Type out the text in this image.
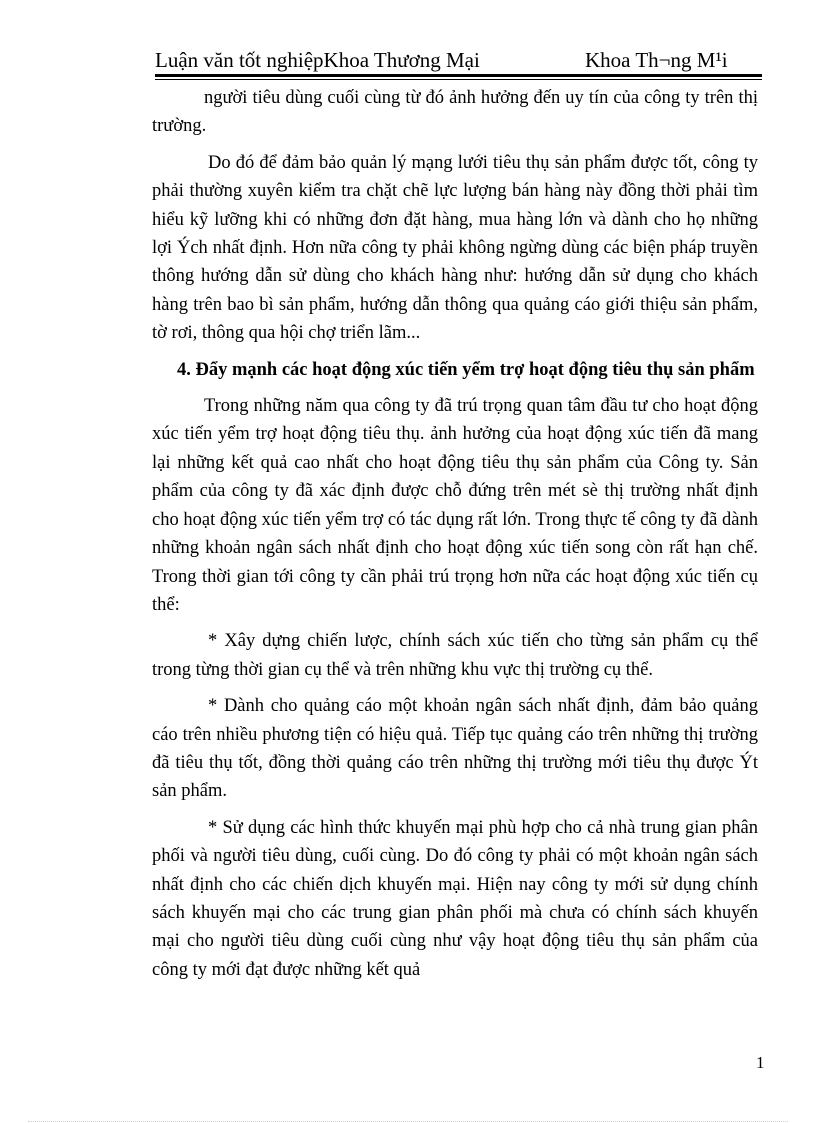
Luận văn tốt nghiệpKhoa Thương Mại	Khoa Th¬ng M¹i

người tiêu dùng cuối cùng từ đó ảnh hưởng đến uy tín của công ty trên thị trường.

Do đó để đảm bảo quản lý mạng lưới tiêu thụ sản phẩm được tốt, công ty phải thường xuyên kiểm tra chặt chẽ lực lượng bán hàng này đồng thời phải tìm hiểu kỹ lưỡng khi có những đơn đặt hàng, mua hàng lớn và dành cho họ những lợi Ých nhất định. Hơn nữa công ty phải không ngừng dùng các biện pháp truyền thông hướng dẫn sử dùng cho khách hàng như: hướng dẫn sử dụng cho khách hàng trên bao bì sản phẩm, hướng dẫn thông qua quảng cáo giới thiệu sản phẩm, tờ rơi, thông qua hội chợ triển lãm...

4. Đẩy mạnh các hoạt động xúc tiến yểm trợ hoạt động tiêu thụ sản phẩm

Trong những năm qua công ty đã trú trọng quan tâm đầu tư cho hoạt động xúc tiến yểm trợ hoạt động tiêu thụ. ảnh hưởng của hoạt động xúc tiến đã mang lại những kết quả cao nhất cho hoạt động tiêu thụ sản phẩm của Công ty. Sản phẩm của công ty đã xác định được chỗ đứng trên mét sè thị trường nhất định cho hoạt động xúc tiến yểm trợ có tác dụng rất lớn. Trong thực tế công ty đã dành những khoản ngân sách nhất định cho hoạt động xúc tiến song còn rất hạn chế. Trong thời gian tới công ty cần phải trú trọng hơn nữa các hoạt động xúc tiến cụ thể:

* Xây dựng chiến lược, chính sách xúc tiến cho từng sản phẩm cụ thể trong từng thời gian cụ thể và trên những khu vực thị trường cụ thể.

* Dành cho quảng cáo một khoản ngân sách nhất định, đảm bảo quảng cáo trên nhiều phương tiện có hiệu quả. Tiếp tục quảng cáo trên những thị trường đã tiêu thụ tốt, đồng thời quảng cáo trên những thị trường mới tiêu thụ được Ýt sản phẩm.

* Sử dụng các hình thức khuyến mại phù hợp cho cả nhà trung gian phân phối và người tiêu dùng, cuối cùng. Do đó công ty phải có một khoản ngân sách nhất định cho các chiến dịch khuyến mại. Hiện nay công ty mới sử dụng chính sách khuyến mại cho các trung gian phân phối mà chưa có chính sách khuyến mại cho người tiêu dùng cuối cùng như vậy hoạt động tiêu thụ sản phẩm của công ty mới đạt được những kết quả

1
